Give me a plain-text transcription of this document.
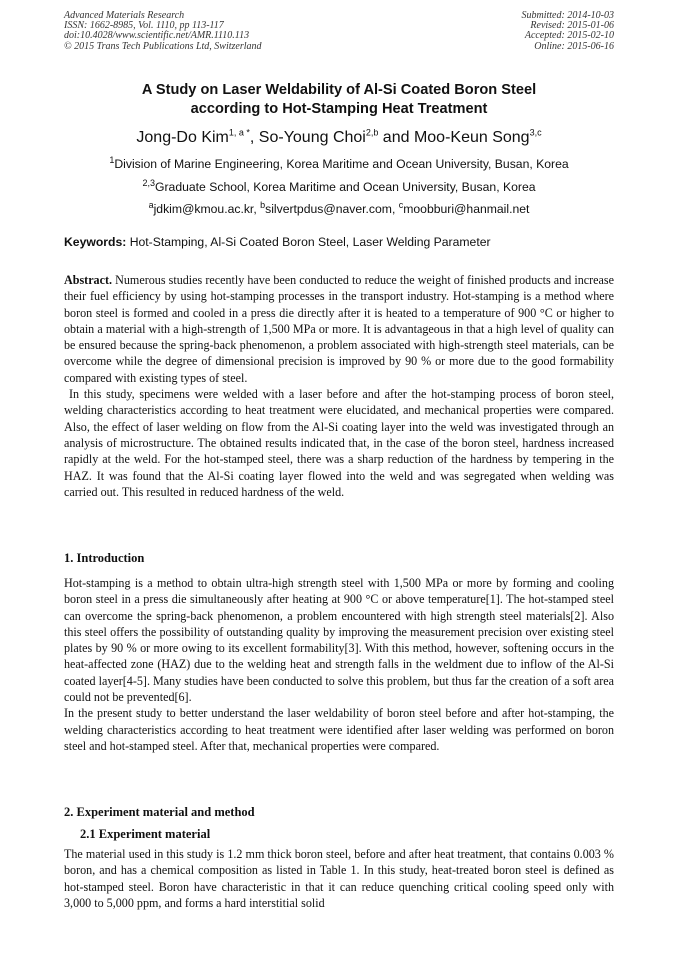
Advanced Materials Research
ISSN: 1662-8985, Vol. 1110, pp 113-117
doi:10.4028/www.scientific.net/AMR.1110.113
© 2015 Trans Tech Publications Ltd, Switzerland
Submitted: 2014-10-03
Revised: 2015-01-06
Accepted: 2015-02-10
Online: 2015-06-16
A Study on Laser Weldability of Al-Si Coated Boron Steel
according to Hot-Stamping Heat Treatment
Jong-Do Kim$^{1, a *}$, So-Young Choi$^{2,b}$ and Moo-Keun Song$^{3,c}$
$^1$Division of Marine Engineering, Korea Maritime and Ocean University, Busan, Korea
$^{2,3}$Graduate School, Korea Maritime and Ocean University, Busan, Korea
$^a$jdkim@kmou.ac.kr, $^b$silvertpdus@naver.com, $^c$moobburi@hanmail.net
Keywords: Hot-Stamping, Al-Si Coated Boron Steel, Laser Welding Parameter

Abstract. Numerous studies recently have been conducted to reduce the weight of finished products and increase their fuel efficiency by using hot-stamping processes in the transport industry. Hot-stamping is a method where boron steel is formed and cooled in a press die directly after it is heated to a temperature of 900 °C or higher to obtain a material with a high-strength of 1,500 MPa or more. It is advantageous in that a high level of quality can be ensured because the spring-back phenomenon, a problem associated with high-strength steel materials, can be overcome while the degree of dimensional precision is improved by 90 % or more due to the good formability compared with existing types of steel.

In this study, specimens were welded with a laser before and after the hot-stamping process of boron steel, welding characteristics according to heat treatment were elucidated, and mechanical properties were compared. Also, the effect of laser welding on flow from the Al-Si coating layer into the weld was investigated through an analysis of microstructure. The obtained results indicated that, in the case of the boron steel, hardness increased rapidly at the weld. For the hot-stamped steel, there was a sharp reduction of the hardness by tempering in the HAZ. It was found that the Al-Si coating layer flowed into the weld and was segregated when welding was carried out. This resulted in reduced hardness of the weld.

1. Introduction

Hot-stamping is a method to obtain ultra-high strength steel with 1,500 MPa or more by forming and cooling boron steel in a press die simultaneously after heating at 900 °C or above temperature[1]. The hot-stamped steel can overcome the spring-back phenomenon, a problem encountered with high strength steel materials[2]. Also this steel offers the possibility of outstanding quality by improving the measurement precision over existing steel plates by 90 % or more owing to its excellent formability[3]. With this method, however, softening occurs in the heat-affected zone (HAZ) due to the welding heat and strength falls in the weldment due to inflow of the Al-Si coated layer[4-5]. Many studies have been conducted to solve this problem, but thus far the creation of a soft area could not be prevented[6].

In the present study to better understand the laser weldability of boron steel before and after hot-stamping, the welding characteristics according to heat treatment were identified after laser welding was performed on boron steel and hot-stamped steel. After that, mechanical properties were compared.

2. Experiment material and method
2.1 Experiment material

The material used in this study is 1.2 mm thick boron steel, before and after heat treatment, that contains 0.003 % boron, and has a chemical composition as listed in Table 1. In this study, heat-treated boron steel is defined as hot-stamped steel. Boron have characteristic in that it can reduce quenching critical cooling speed only with 3,000 to 5,000 ppm, and forms a hard interstitial solid
